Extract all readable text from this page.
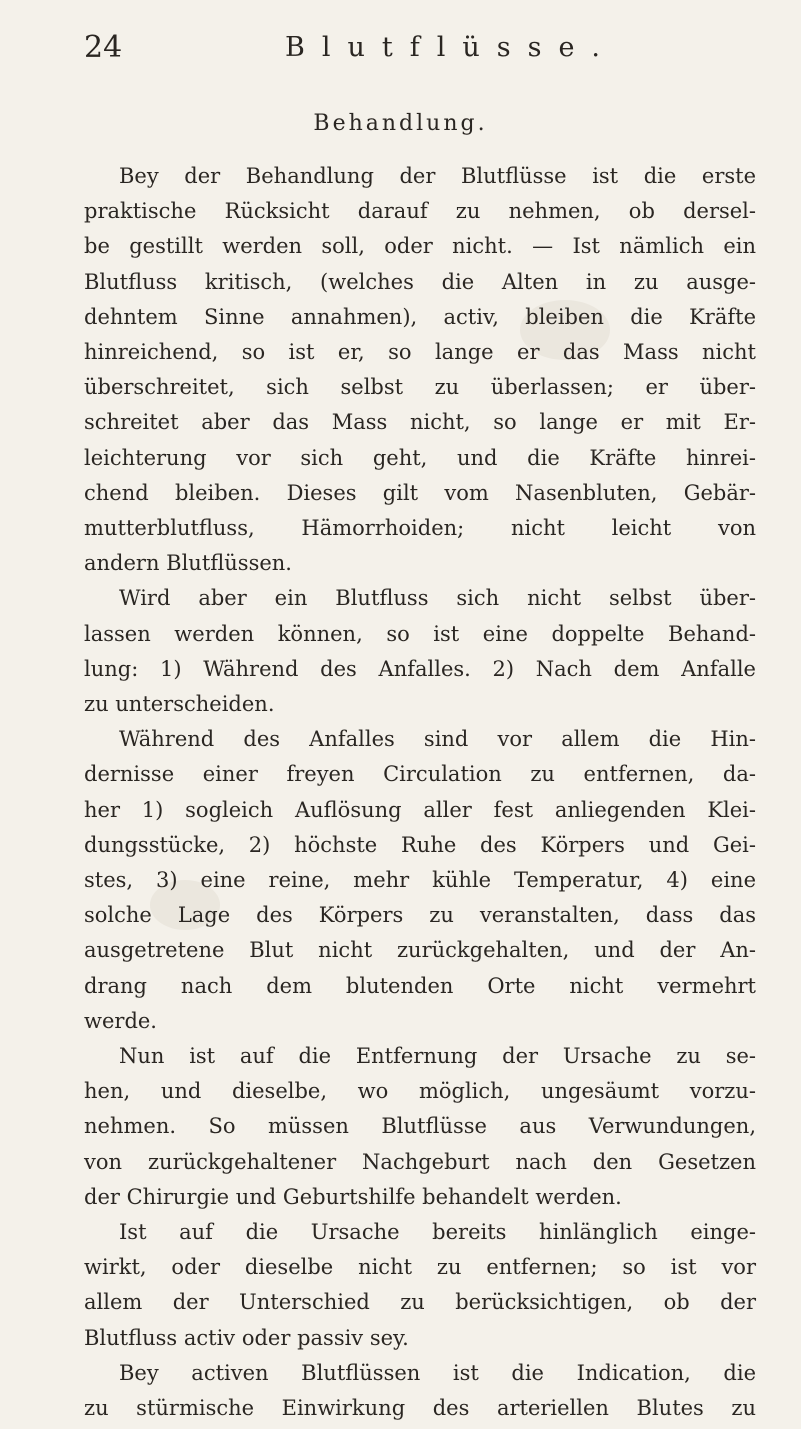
24	Blutflüsse.
Behandlung.
Bey der Behandlung der Blutflüsse ist die erste
praktische Rücksicht darauf zu nehmen, ob dersel-
be gestillt werden soll, oder nicht. — Ist nämlich ein
Blutfluss kritisch, (welches die Alten in zu ausge-
dehntem Sinne annahmen), activ, bleiben die Kräfte
hinreichend, so ist er, so lange er das Mass nicht
überschreitet, sich selbst zu überlassen; er über-
schreitet aber das Mass nicht, so lange er mit Er-
leichterung vor sich geht, und die Kräfte hinrei-
chend bleiben. Dieses gilt vom Nasenbluten, Gebär-
mutterblutfluss, Hämorrhoiden; nicht leicht von
andern Blutflüssen.
Wird aber ein Blutfluss sich nicht selbst über-
lassen werden können, so ist eine doppelte Behand-
lung: 1) Während des Anfalles. 2) Nach dem Anfalle
zu unterscheiden.
Während des Anfalles sind vor allem die Hin-
dernisse einer freyen Circulation zu entfernen, da-
her 1) sogleich Auflösung aller fest anliegenden Klei-
dungsstücke, 2) höchste Ruhe des Körpers und Gei-
stes, 3) eine reine, mehr kühle Temperatur, 4) eine
solche Lage des Körpers zu veranstalten, dass das
ausgetretene Blut nicht zurückgehalten, und der An-
drang nach dem blutenden Orte nicht vermehrt
werde.
Nun ist auf die Entfernung der Ursache zu se-
hen, und dieselbe, wo möglich, ungesäumt vorzu-
nehmen. So müssen Blutflüsse aus Verwundungen,
von zurückgehaltener Nachgeburt nach den Gesetzen
der Chirurgie und Geburtshilfe behandelt werden.
Ist auf die Ursache bereits hinlänglich einge-
wirkt, oder dieselbe nicht zu entfernen; so ist vor
allem der Unterschied zu berücksichtigen, ob der
Blutfluss activ oder passiv sey.
Bey activen Blutflüssen ist die Indication, die
zu stürmische Einwirkung des arteriellen Blutes zu
